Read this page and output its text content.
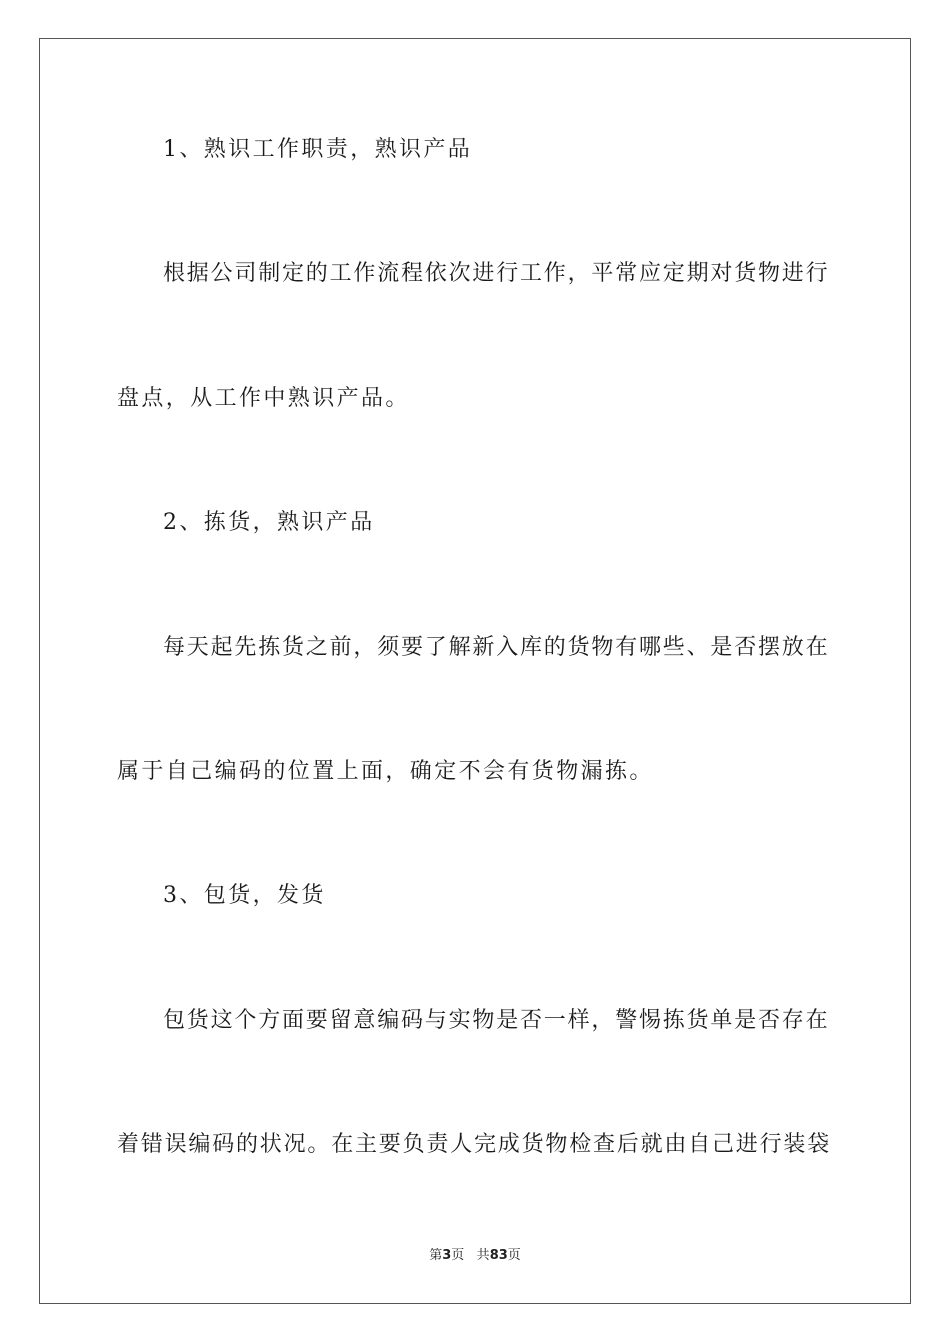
1、熟识工作职责，熟识产品
根据公司制定的工作流程依次进行工作，平常应定期对货物进行
盘点，从工作中熟识产品。
2、拣货，熟识产品
每天起先拣货之前，须要了解新入库的货物有哪些、是否摆放在
属于自己编码的位置上面，确定不会有货物漏拣。
3、包货，发货
包货这个方面要留意编码与实物是否一样，警惕拣货单是否存在
着错误编码的状况。在主要负责人完成货物检查后就由自己进行装袋
第3页 共83页
